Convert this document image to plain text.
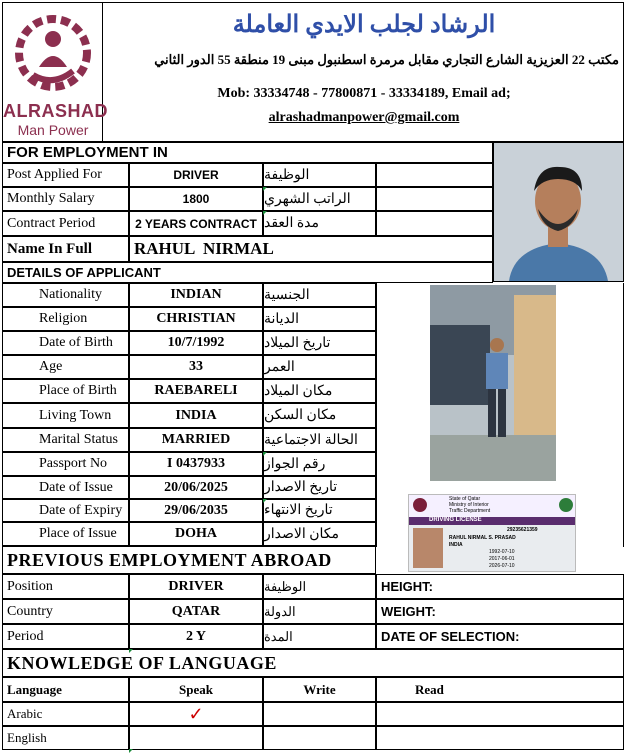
ALRASHAD
Man Power
الرشاد لجلب الايدي العاملة
مكتب 22 العزيزية الشارع التجاري مقابل مرمرة اسطنبول مبنى 19 منطقة 55 الدور الثاني
Mob: 33334748 - 77800871 - 33334189, Email ad;
alrashadmanpower@gmail.com
FOR EMPLOYMENT IN
Post Applied For	DRIVER	الوظيفة
Monthly Salary	1800	الراتب الشهري
Contract Period	2 YEARS CONTRACT مدة العقد
Name In Full RAHUL  NIRMAL
DETAILS OF APPLICANT
Nationality	INDIAN	الجنسية
Religion	CHRISTIAN الديانة
Date of Birth	10/7/1992	تاريخ الميلاد
Age	33	العمر
Place of Birth	RAEBARELI مكان الميلاد
Living Town	INDIA	مكان السكن
Marital Status	MARRIED الحالة الاجتماعية
Passport No	I 0437933	رقم الجواز
Date of Issue	20/06/2025	تاريخ الاصدار
Date of Expiry	29/06/2035	تاريخ الانتهاء
Place of Issue	DOHA	مكان الاصدار
State of Qatar
Ministry of Interior
Traffic Department
DRIVING LICENSE
29235621359
RAHUL NIRMAL S. PRASAD
INDIA
1992-07-10
2017-06-01
2026-07-10
PREVIOUS EMPLOYMENT ABROAD
Position	DRIVER	الوظيفة	HEIGHT:
Country	QATAR	الدولة	WEIGHT:
Period	2 Y	المدة	DATE OF SELECTION:
KNOWLEDGE OF LANGUAGE
Language	Speak	Write	Read
Arabic	✓
English
